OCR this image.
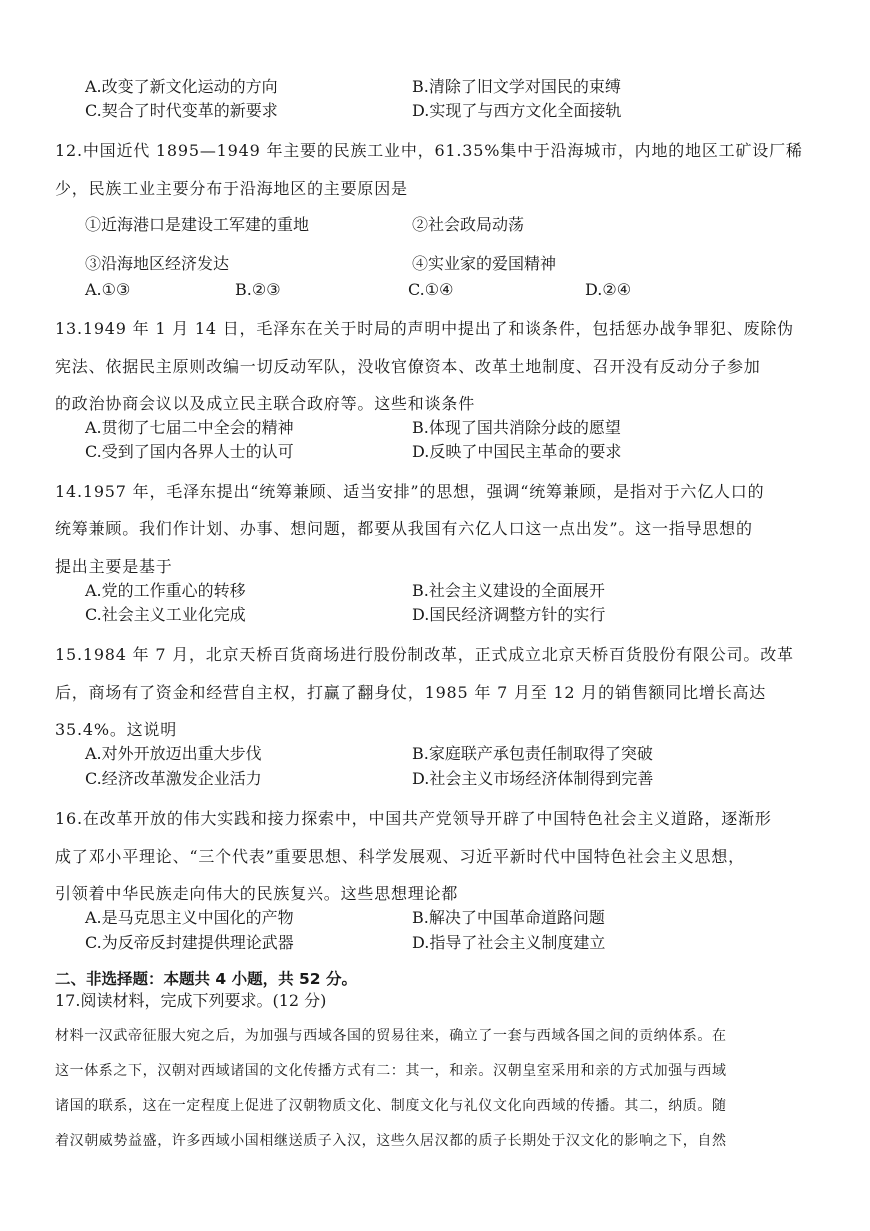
A.改变了新文化运动的方向	B.清除了旧文学对国民的束缚
C.契合了时代变革的新要求	D.实现了与西方文化全面接轨
12.中国近代 1895—1949 年主要的民族工业中，61.35%集中于沿海城市，内地的地区工矿设厂稀
少，民族工业主要分布于沿海地区的主要原因是
①近海港口是建设工军建的重地	②社会政局动荡
③沿海地区经济发达	④实业家的爱国精神
A.①③	B.②③	C.①④	D.②④
13.1949 年 1 月 14 日，毛泽东在关于时局的声明中提出了和谈条件，包括惩办战争罪犯、废除伪
宪法、依据民主原则改编一切反动军队，没收官僚资本、改革土地制度、召开没有反动分子参加
的政治协商会议以及成立民主联合政府等。这些和谈条件
A.贯彻了七届二中全会的精神	B.体现了国共消除分歧的愿望
C.受到了国内各界人士的认可	D.反映了中国民主革命的要求
14.1957 年，毛泽东提出“统筹兼顾、适当安排”的思想，强调“统筹兼顾，是指对于六亿人口的
统筹兼顾。我们作计划、办事、想问题，都要从我国有六亿人口这一点出发”。这一指导思想的
提出主要是基于
A.党的工作重心的转移	B.社会主义建设的全面展开
C.社会主义工业化完成	D.国民经济调整方针的实行
15.1984 年 7 月，北京天桥百货商场进行股份制改革，正式成立北京天桥百货股份有限公司。改革
后，商场有了资金和经营自主权，打赢了翻身仗，1985 年 7 月至 12 月的销售额同比增长高达
35.4%。这说明
A.对外开放迈出重大步伐	B.家庭联产承包责任制取得了突破
C.经济改革激发企业活力	D.社会主义市场经济体制得到完善
16.在改革开放的伟大实践和接力探索中，中国共产党领导开辟了中国特色社会主义道路，逐渐形
成了邓小平理论、“三个代表”重要思想、科学发展观、习近平新时代中国特色社会主义思想，
引领着中华民族走向伟大的民族复兴。这些思想理论都
A.是马克思主义中国化的产物	B.解决了中国革命道路问题
C.为反帝反封建提供理论武器	D.指导了社会主义制度建立
二、非选择题：本题共 4 小题，共 52 分。
17.阅读材料，完成下列要求。(12 分)
材料一汉武帝征服大宛之后，为加强与西域各国的贸易往来，确立了一套与西域各国之间的贡纳体系。在
这一体系之下，汉朝对西域诸国的文化传播方式有二：其一，和亲。汉朝皇室采用和亲的方式加强与西域
诸国的联系，这在一定程度上促进了汉朝物质文化、制度文化与礼仪文化向西域的传播。其二，纳质。随
着汉朝威势益盛，许多西域小国相继送质子入汉，这些久居汉都的质子长期处于汉文化的影响之下，自然
